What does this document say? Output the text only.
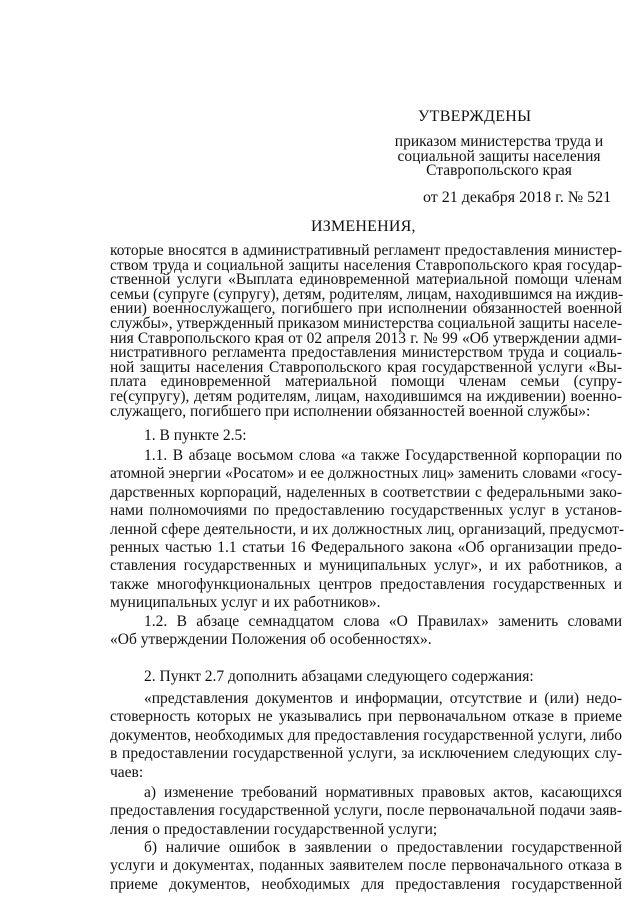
УТВЕРЖДЕНЫ
приказом министерства труда и
социальной защиты населения
Ставропольского края
от 21 декабря 2018 г. № 521
ИЗМЕНЕНИЯ,
которые вносятся в административный регламент предоставления министер-
ством труда и социальной защиты населения Ставропольского края государ-
ственной услуги «Выплата единовременной материальной помощи членам
семьи (супруге (супругу), детям, родителям, лицам, находившимся на иждив-
ении) военнослужащего, погибшего при исполнении обязанностей военной
службы», утвержденный приказом министерства социальной защиты населе-
ния Ставропольского края от 02 апреля 2013 г. № 99 «Об утверждении адми-
нистративного регламента предоставления министерством труда и социаль-
ной защиты населения Ставропольского края государственной услуги «Вы-
плата единовременной материальной помощи членам семьи (супру-
ге(супругу), детям родителям, лицам, находившимся на иждивении) военно-
служащего, погибшего при исполнении обязанностей военной службы»:
1. В пункте 2.5:
1.1. В абзаце восьмом слова «а также Государственной корпорации по
атомной энергии «Росатом» и ее должностных лиц» заменить словами «госу-
дарственных корпораций, наделенных в соответствии с федеральными зако-
нами полномочиями по предоставлению государственных услуг в установ-
ленной сфере деятельности, и их должностных лиц, организаций, предусмот-
ренных частью 1.1 статьи 16 Федерального закона «Об организации предо-
ставления государственных и муниципальных услуг», и их работников, а
также многофункциональных центров предоставления государственных и
муниципальных услуг и их работников».
1.2. В абзаце семнадцатом слова «О Правилах» заменить словами
«Об утверждении Положения об особенностях».
2. Пункт 2.7 дополнить абзацами следующего содержания:
«представления документов и информации, отсутствие и (или) недо-
стоверность которых не указывались при первоначальном отказе в приеме
документов, необходимых для предоставления государственной услуги, либо
в предоставлении государственной услуги, за исключением следующих слу-
чаев:
а) изменение требований нормативных правовых актов, касающихся
предоставления государственной услуги, после первоначальной подачи заяв-
ления о предоставлении государственной услуги;
б) наличие ошибок в заявлении о предоставлении государственной
услуги и документах, поданных заявителем после первоначального отказа в
приеме документов, необходимых для предоставления государственной
